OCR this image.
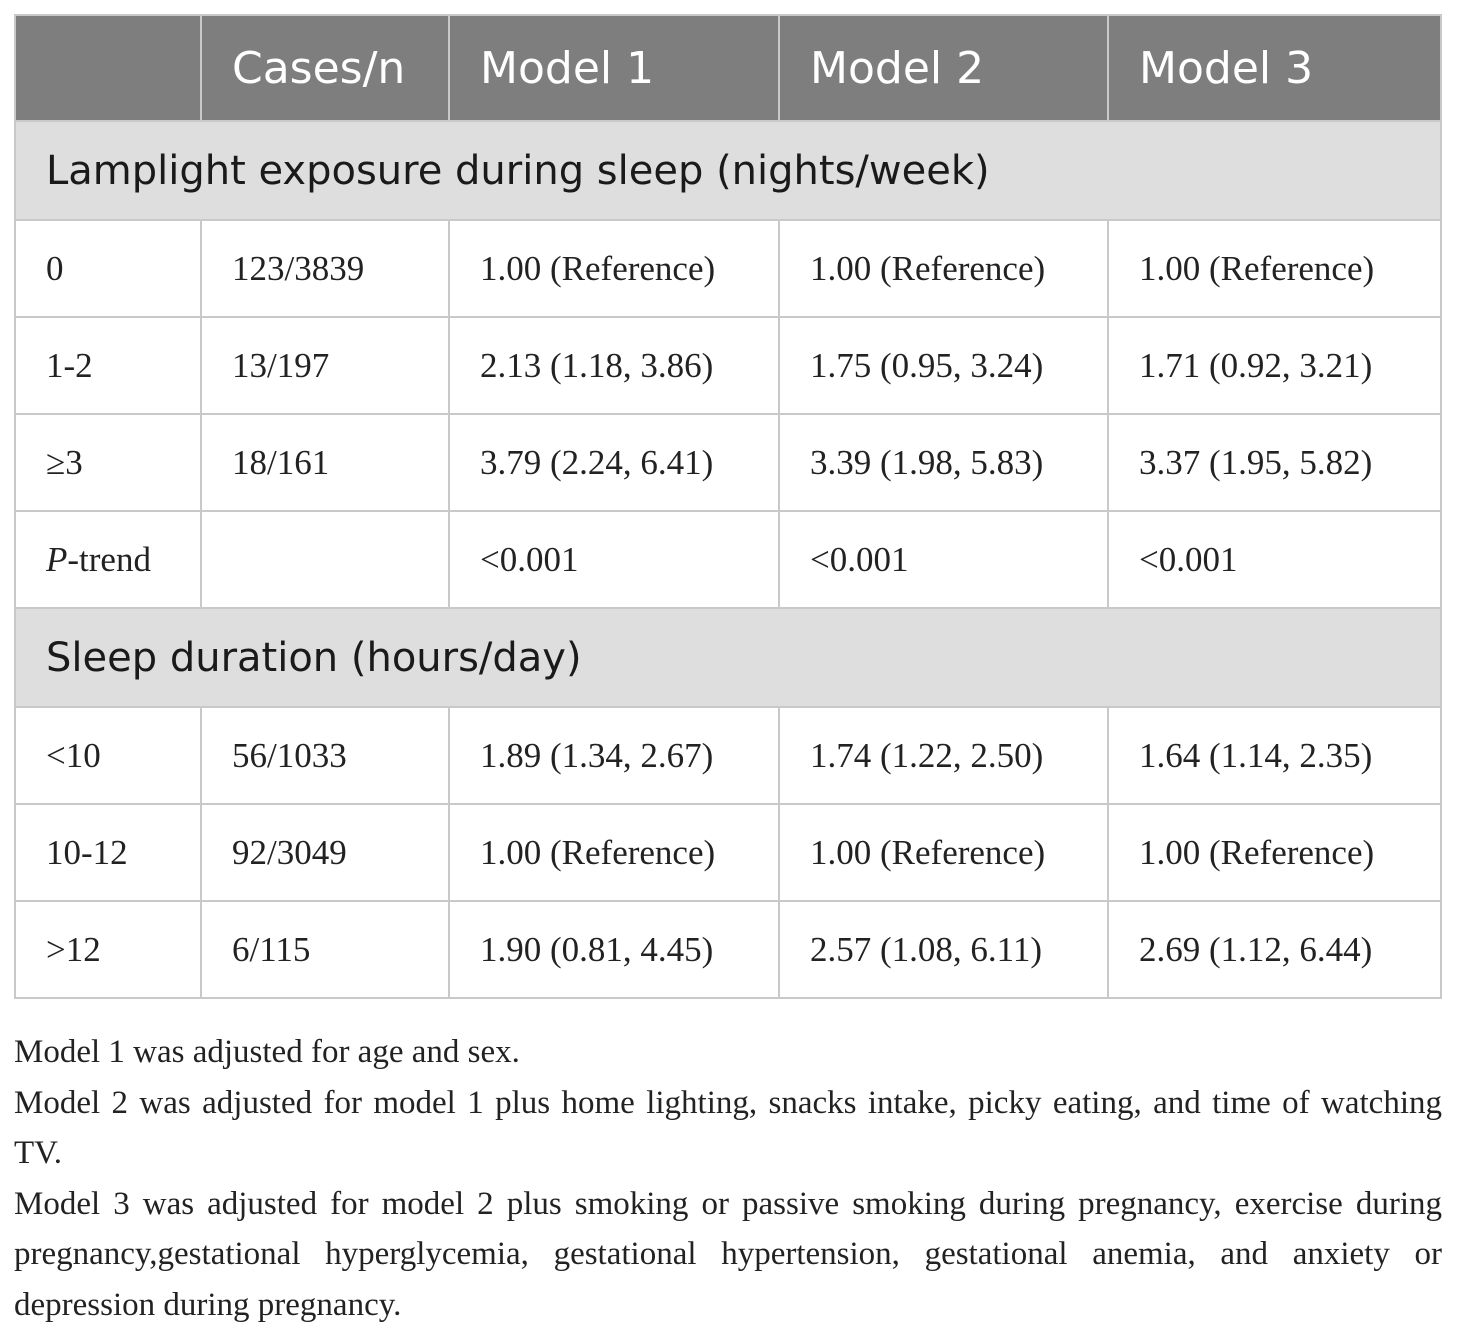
	Cases/n	Model 1	Model 2	Model 3
Lamplight exposure during sleep (nights/week)				
0	123/3839	1.00 (Reference)	1.00 (Reference)	1.00 (Reference)
1-2	13/197	2.13 (1.18, 3.86)	1.75 (0.95, 3.24)	1.71 (0.92, 3.21)
≥3	18/161	3.79 (2.24, 6.41)	3.39 (1.98, 5.83)	3.37 (1.95, 5.82)
P-trend		<0.001	<0.001	<0.001
Sleep duration (hours/day)				
<10	56/1033	1.89 (1.34, 2.67)	1.74 (1.22, 2.50)	1.64 (1.14, 2.35)
10-12	92/3049	1.00 (Reference)	1.00 (Reference)	1.00 (Reference)
>12	6/115	1.90 (0.81, 4.45)	2.57 (1.08, 6.11)	2.69 (1.12, 6.44)

Model 1 was adjusted for age and sex.

Model 2 was adjusted for model 1 plus home lighting, snacks intake, picky eating, and time of watching TV.

Model 3 was adjusted for model 2 plus smoking or passive smoking during pregnancy, exercise during pregnancy,gestational hyperglycemia, gestational hypertension, gestational anemia, and anxiety or depression during pregnancy.
